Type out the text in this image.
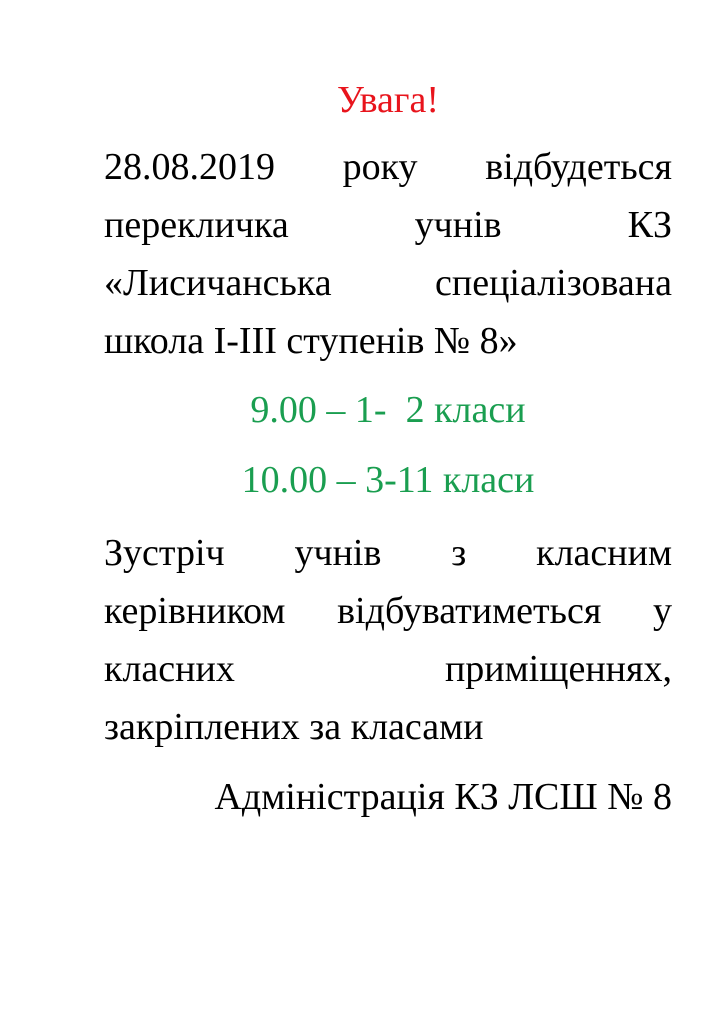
Увага!
28.08.2019 року відбудеться
перекличка учнів КЗ
«Лисичанська спеціалізована
школа І-ІІІ ступенів № 8»
9.00 – 1-  2 класи
10.00 – 3-11 класи
Зустріч учнів з класним
керівником відбуватиметься у
класних приміщеннях,
закріплених за класами
Адміністрація КЗ ЛСШ № 8
